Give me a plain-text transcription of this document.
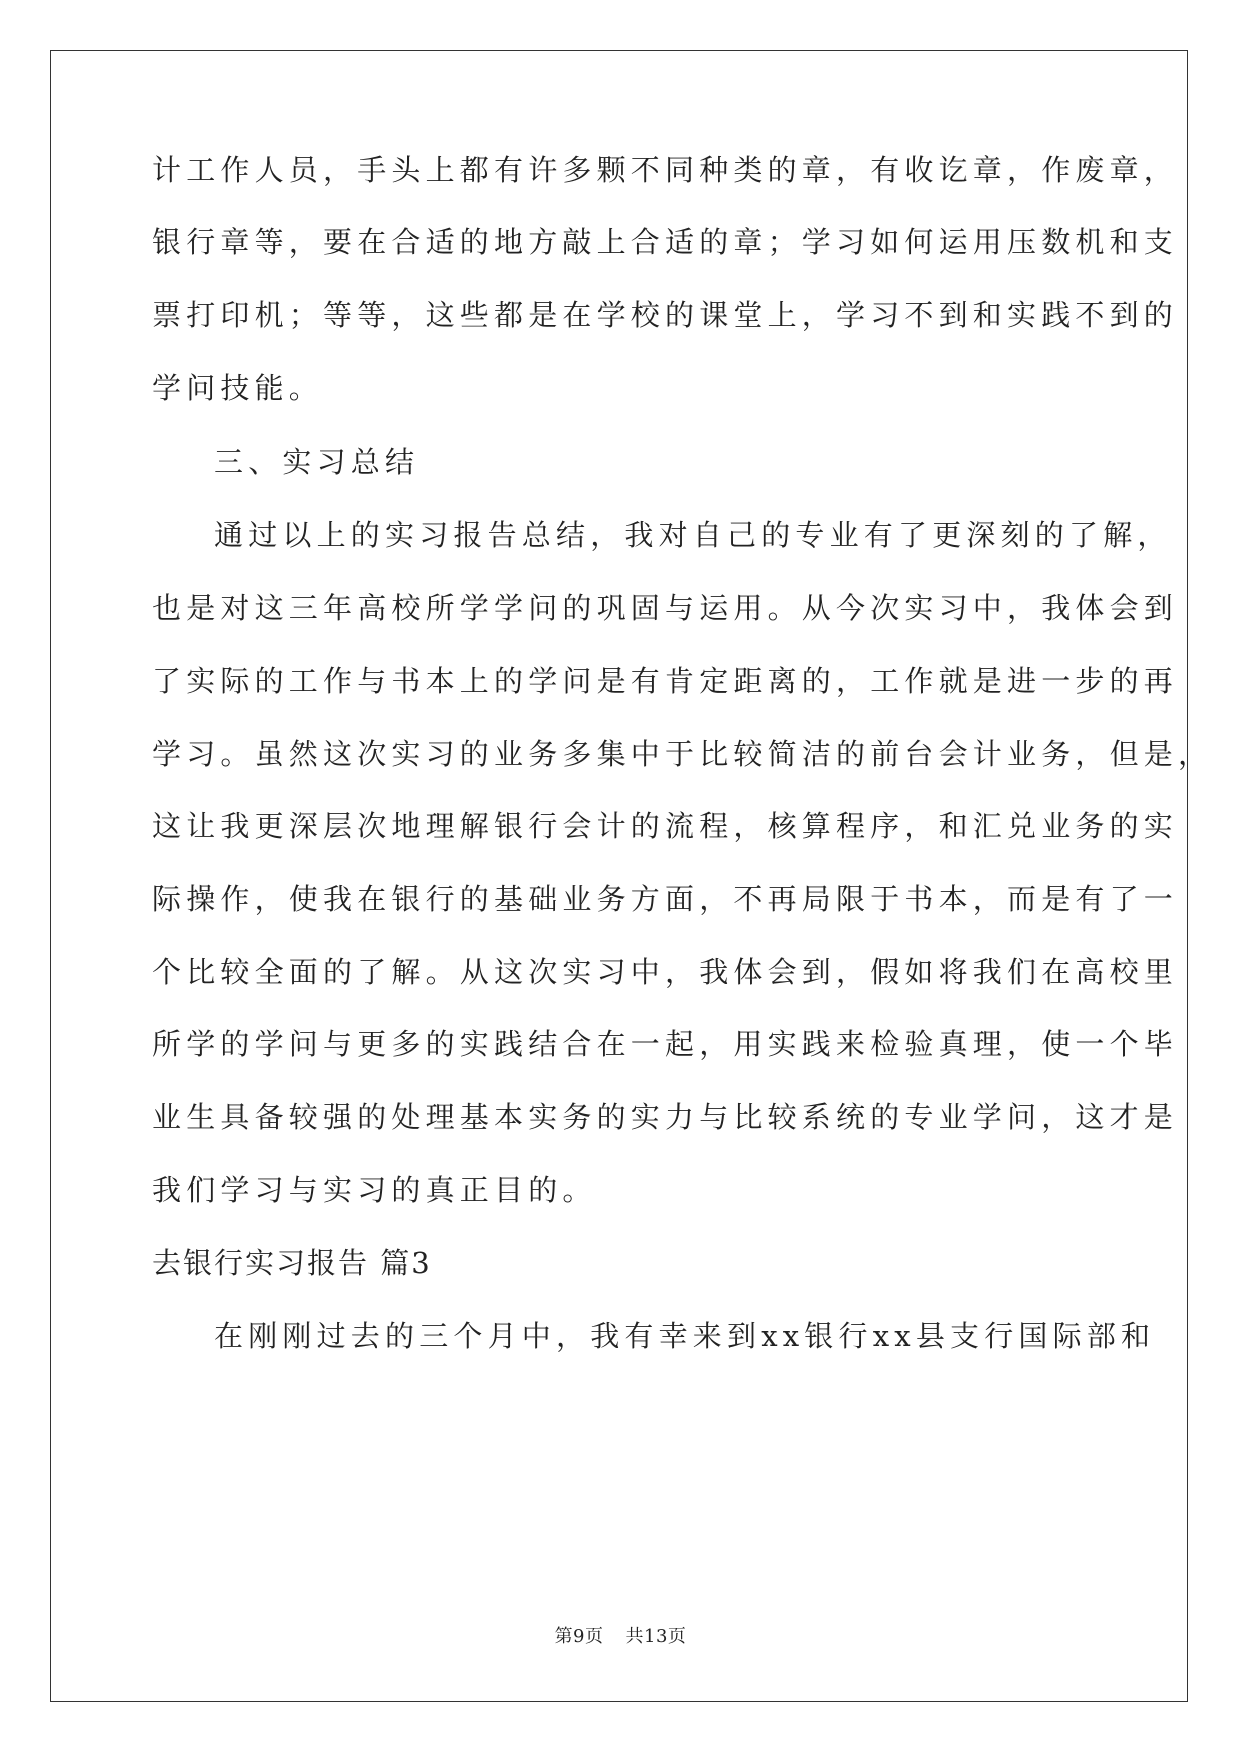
计工作人员，手头上都有许多颗不同种类的章，有收讫章，作废章，
银行章等，要在合适的地方敲上合适的章；学习如何运用压数机和支
票打印机；等等，这些都是在学校的课堂上，学习不到和实践不到的
学问技能。
三、实习总结
通过以上的实习报告总结，我对自己的专业有了更深刻的了解，
也是对这三年高校所学学问的巩固与运用。从今次实习中，我体会到
了实际的工作与书本上的学问是有肯定距离的，工作就是进一步的再
学习。虽然这次实习的业务多集中于比较简洁的前台会计业务，但是，
这让我更深层次地理解银行会计的流程，核算程序，和汇兑业务的实
际操作，使我在银行的基础业务方面，不再局限于书本，而是有了一
个比较全面的了解。从这次实习中，我体会到，假如将我们在高校里
所学的学问与更多的实践结合在一起，用实践来检验真理，使一个毕
业生具备较强的处理基本实务的实力与比较系统的专业学问，这才是
我们学习与实习的真正目的。
去银行实习报告 篇3
在刚刚过去的三个月中，我有幸来到xx银行xx县支行国际部和
第9页 共13页
